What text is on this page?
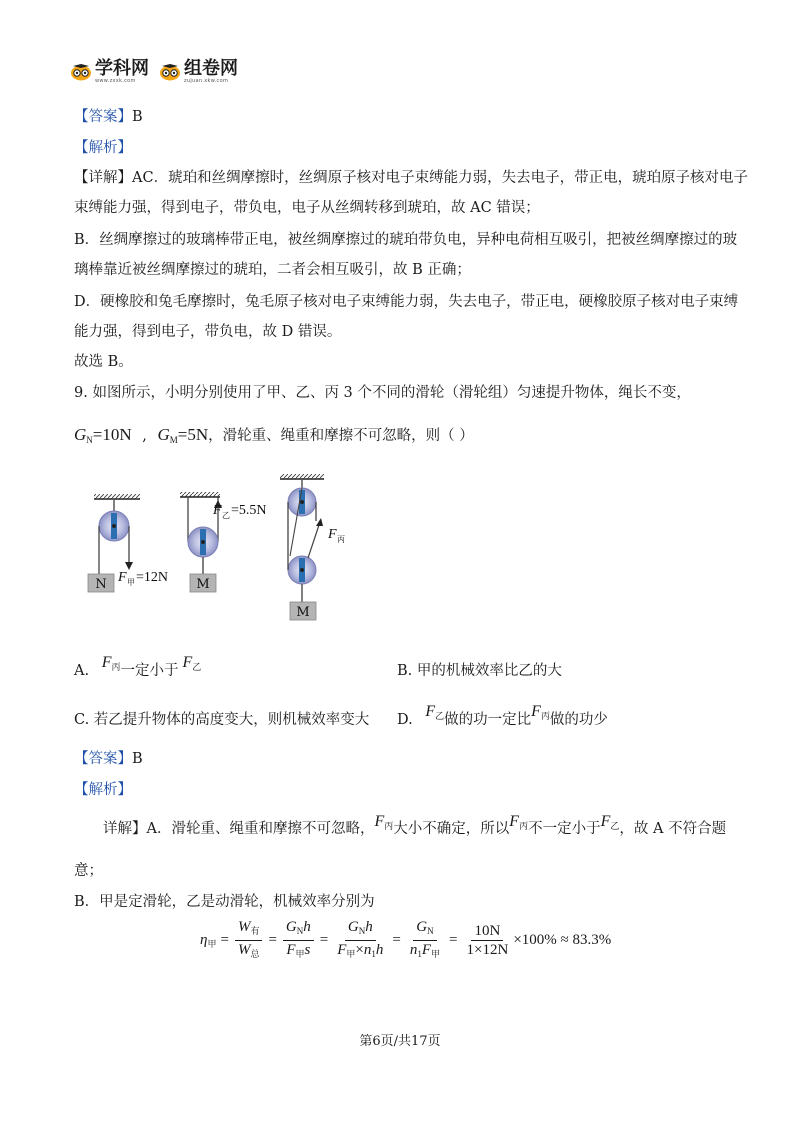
学科网
www.zxxk.com
组卷网
zujuan.xkw.com
【答案】B
【解析】
【详解】AC．琥珀和丝绸摩擦时，丝绸原子核对电子束缚能力弱，失去电子，带正电，琥珀原子核对电子
束缚能力强，得到电子，带负电，电子从丝绸转移到琥珀，故 AC 错误；
B．丝绸摩擦过的玻璃棒带正电，被丝绸摩擦过的琥珀带负电，异种电荷相互吸引，把被丝绸摩擦过的玻
璃棒靠近被丝绸摩擦过的琥珀，二者会相互吸引，故 B 正确；
D．硬橡胶和兔毛摩擦时，兔毛原子核对电子束缚能力弱，失去电子，带正电，硬橡胶原子核对电子束缚
能力强，得到电子，带负电，故 D 错误。
故选 B。
9. 如图所示，小明分别使用了甲、乙、丙 3 个不同的滑轮（滑轮组）匀速提升物体，绳长不变，
$G_N=10N$ , $G_M=5N$，滑轮重、绳重和摩擦不可忽略，则（ ）
N F 甲 =12N M
F 乙 =5.5N
M
F 丙
A. $F_丙$一定小于 $F_乙$	B. 甲的机械效率比乙的大
C. 若乙提升物体的高度变大，则机械效率变大 D. $F_乙$做的功一定比$F_丙$做的功少
【答案】B
【解析】
详解】A．滑轮重、绳重和摩擦不可忽略，$F_丙$大小不确定，所以$F_丙$不一定小于$F_乙$，故 A 不符合题
意；
B．甲是定滑轮，乙是动滑轮，机械效率分别为
$\eta_甲 = \frac{W_有}{W_总} = \frac{G_Nh}{F_甲s} = \frac{G_Nh}{F_甲\times n_1h} = \frac{G_N}{n_1F_甲} = \frac{10N}{1\times 12N} \times 100\% \approx 83.3\%$
第6页/共17页
